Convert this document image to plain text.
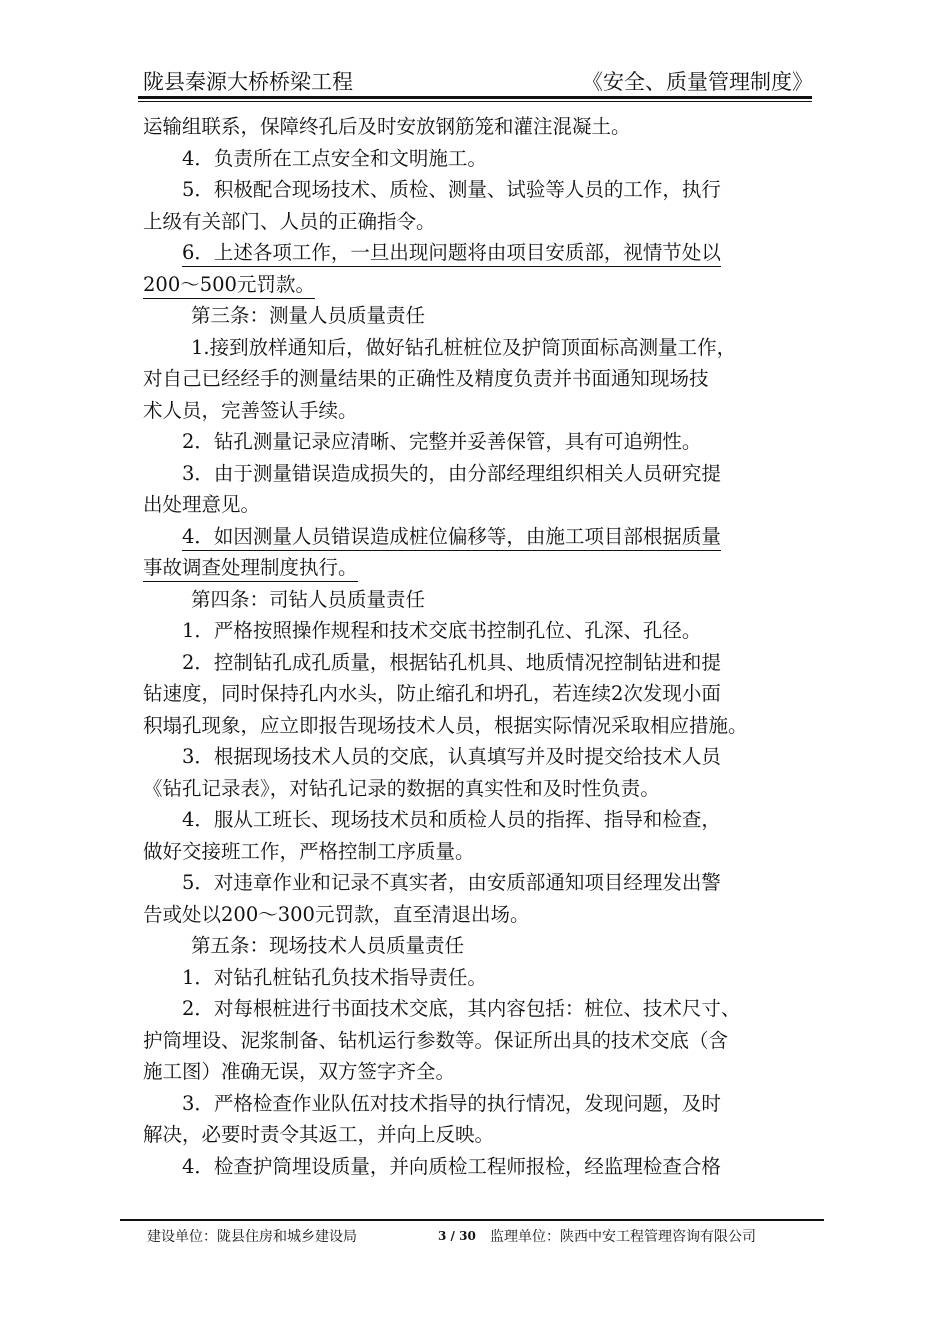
陇县秦源大桥桥梁工程	《安全、质量管理制度》
运输组联系，保障终孔后及时安放钢筋笼和灌注混凝土。
4．负责所在工点安全和文明施工。
5．积极配合现场技术、质检、测量、试验等人员的工作，执行
上级有关部门、人员的正确指令。
6．上述各项工作，一旦出现问题将由项目安质部，视情节处以
200～500元罚款。
第三条：测量人员质量责任
1.接到放样通知后，做好钻孔桩桩位及护筒顶面标高测量工作，
对自己已经经手的测量结果的正确性及精度负责并书面通知现场技
术人员，完善签认手续。
2．钻孔测量记录应清晰、完整并妥善保管，具有可追朔性。
3．由于测量错误造成损失的，由分部经理组织相关人员研究提
出处理意见。
4．如因测量人员错误造成桩位偏移等，由施工项目部根据质量
事故调查处理制度执行。
第四条：司钻人员质量责任
1．严格按照操作规程和技术交底书控制孔位、孔深、孔径。
2．控制钻孔成孔质量，根据钻孔机具、地质情况控制钻进和提
钻速度，同时保持孔内水头，防止缩孔和坍孔，若连续2次发现小面
积塌孔现象，应立即报告现场技术人员，根据实际情况采取相应措施。
3．根据现场技术人员的交底，认真填写并及时提交给技术人员
《钻孔记录表》，对钻孔记录的数据的真实性和及时性负责。
4．服从工班长、现场技术员和质检人员的指挥、指导和检查，
做好交接班工作，严格控制工序质量。
5．对违章作业和记录不真实者，由安质部通知项目经理发出警
告或处以200～300元罚款，直至清退出场。
第五条：现场技术人员质量责任
1．对钻孔桩钻孔负技术指导责任。
2．对每根桩进行书面技术交底，其内容包括：桩位、技术尺寸、
护筒埋设、泥浆制备、钻机运行参数等。保证所出具的技术交底（含
施工图）准确无误，双方签字齐全。
3．严格检查作业队伍对技术指导的执行情况，发现问题，及时
解决，必要时责令其返工，并向上反映。
4．检查护筒埋设质量，并向质检工程师报检，经监理检查合格
建设单位：陇县住房和城乡建设局	3 / 30 监理单位：陕西中安工程管理咨询有限公司
